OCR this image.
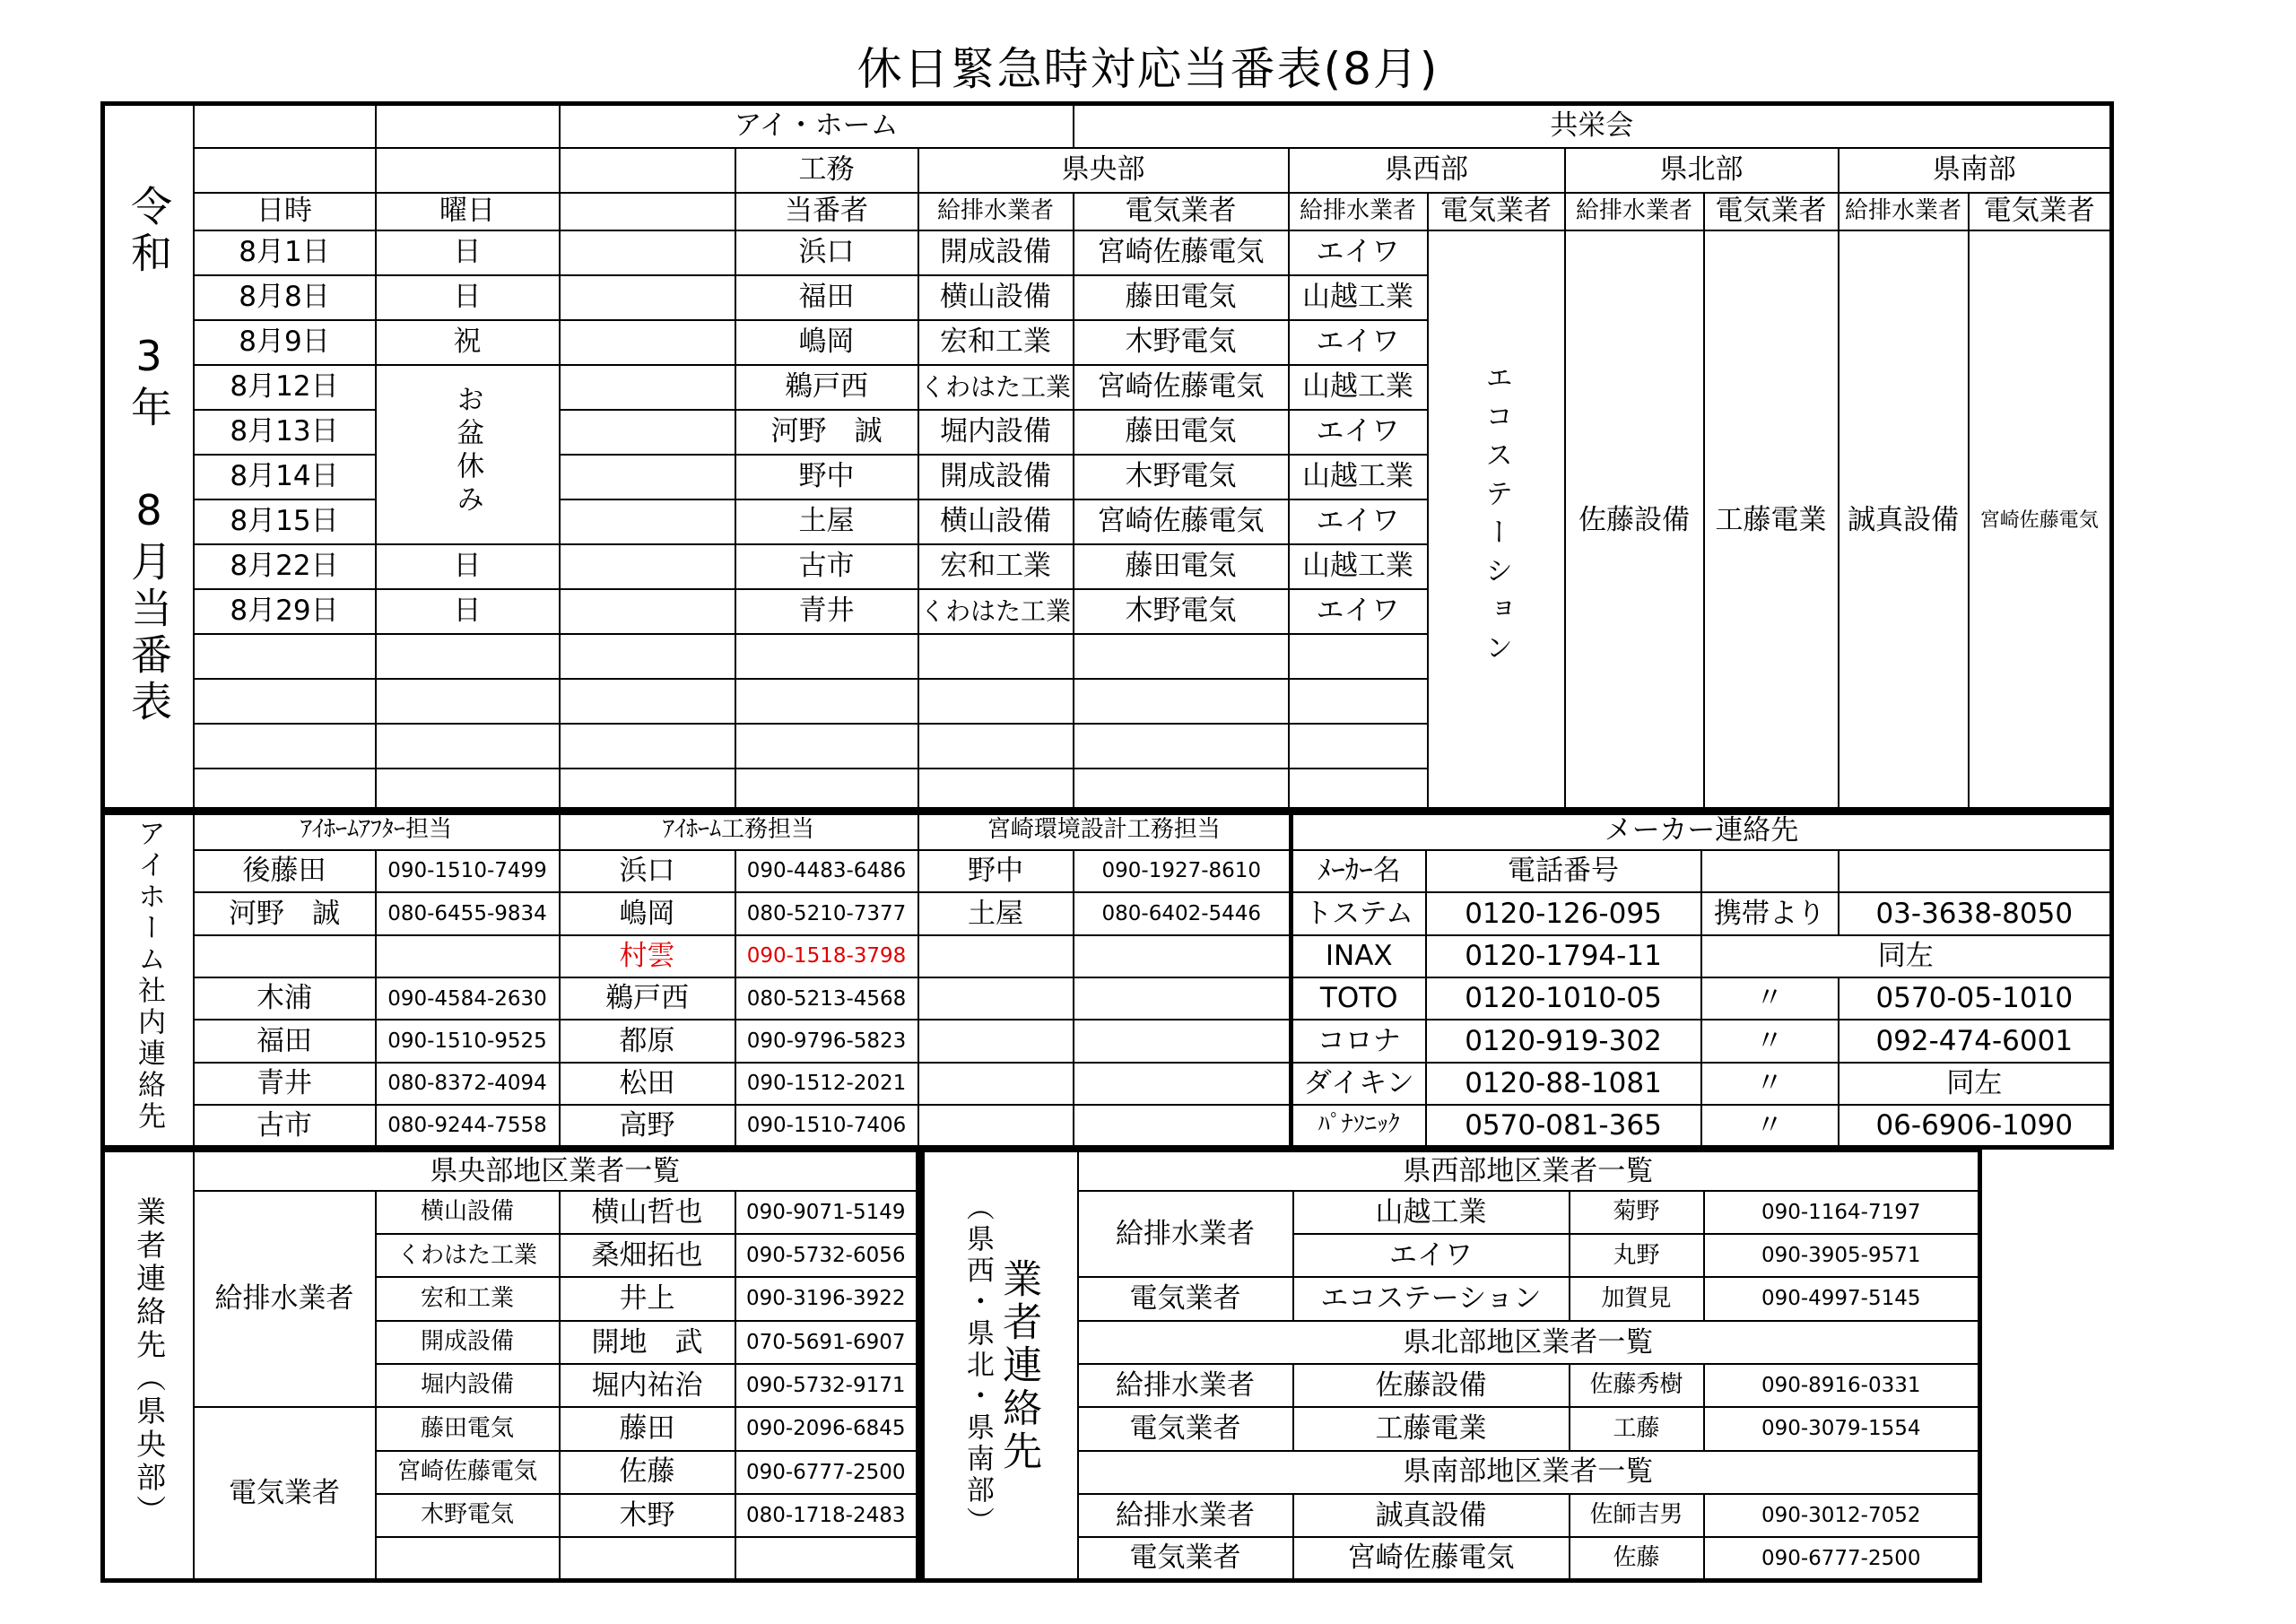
休日緊急時対応当番表(8月)
令和 3年 8月当番表			アイ・ホーム			共栄会						
				工務	県央部		県西部		県北部		県南部	
	日時	曜日		当番者	給排水業者	電気業者	給排水業者	電気業者	給排水業者	電気業者	給排水業者	電気業者
	8月1日	日		浜口	開成設備	宮崎佐藤電気	エイワ	エコステーション	佐藤設備	工藤電業	誠真設備	宮崎佐藤電気
	8月8日	日		福田	横山設備	藤田電気	山越工業					
	8月9日	祝		嶋岡	宏和工業	木野電気	エイワ					
	8月12日	お盆休み		鵜戸西	くわはた工業	宮崎佐藤電気	山越工業					
	8月13日			河野　誠	堀内設備	藤田電気	エイワ					
	8月14日			野中	開成設備	木野電気	山越工業					
	8月15日			土屋	横山設備	宮崎佐藤電気	エイワ					
	8月22日	日		古市	宏和工業	藤田電気	山越工業					
	8月29日	日		青井	くわはた工業	木野電気	エイワ					

アイホーム社内連絡先	ｱｲﾎｰﾑｱﾌﾀｰ担当		ｱｲﾎｰﾑ工務担当		宮崎環境設計工務担当	
	後藤田	090-1510-7499	浜口	090-4483-6486	野中	090-1927-8610
	河野　誠	080-6455-9834	嶋岡	080-5210-7377	土屋	080-6402-5446
			村雲	090-1518-3798		
	木浦	090-4584-2630	鵜戸西	080-5213-4568		
	福田	090-1510-9525	都原	090-9796-5823		
	青井	080-8372-4094	松田	090-1512-2021		
	古市	080-9244-7558	高野	090-1510-7406		
メーカー連絡先			
ﾒｰｶｰ名	電話番号		
トステム	0120-126-095	携帯より	03-3638-8050
INAX	0120-1794-11	同左	
TOTO	0120-1010-05	〃	0570-05-1010
コロナ	0120-919-302	〃	092-474-6001
ダイキン	0120-88-1081	〃	同左
ﾊﾟﾅｿﾆｯｸ	0570-081-365	〃	06-6906-1090
業者連絡先（県央部）	県央部地区業者一覧			
	給排水業者	横山設備	横山哲也	090-9071-5149
		くわはた工業	桑畑拓也	090-5732-6056
		宏和工業	井上	090-3196-3922
		開成設備	開地　武	070-5691-6907
		堀内設備	堀内祐治	090-5732-9171
	電気業者	藤田電気	藤田	090-2096-6845
		宮崎佐藤電気	佐藤	090-6777-2500
		木野電気	木野	080-1718-2483
		（県西・県北・県南部） 業者連絡先	県西部地区業者一覧			
	給排水業者	山越工業	菊野	090-1164-7197
		エイワ	丸野	090-3905-9571
	電気業者	エコステーション	加賀見	090-4997-5145
	県北部地区業者一覧			
	給排水業者	佐藤設備	佐藤秀樹	090-8916-0331
	電気業者	工藤電業	工藤	090-3079-1554
	県南部地区業者一覧			
	給排水業者	誠真設備	佐師吉男	090-3012-7052
	電気業者	宮崎佐藤電気	佐藤	090-6777-2500
